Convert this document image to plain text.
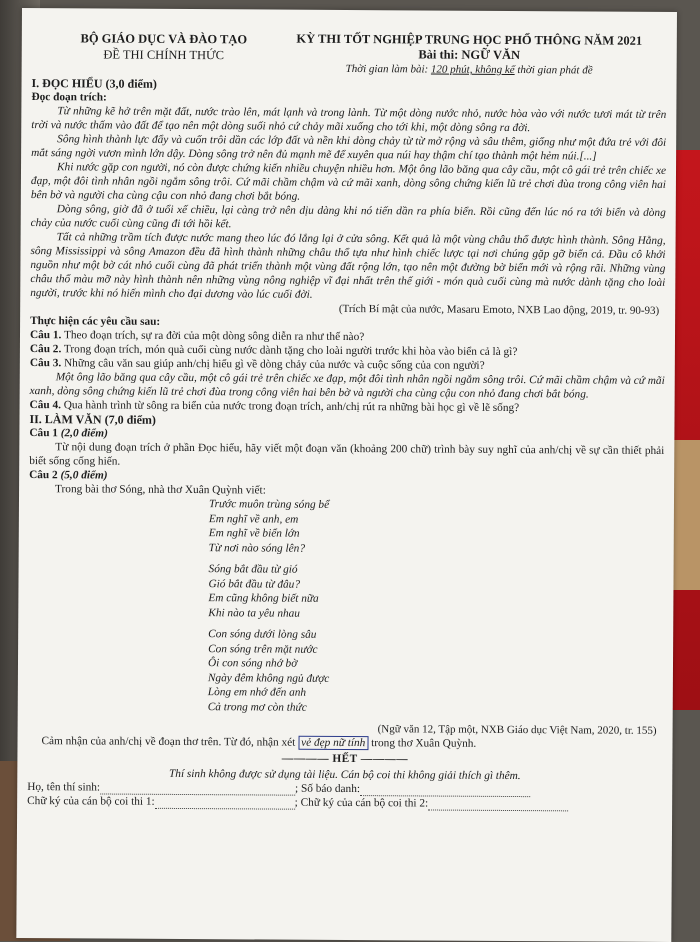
BỘ GIÁO DỤC VÀ ĐÀO TẠO
ĐỀ THI CHÍNH THỨC
KỲ THI TỐT NGHIỆP TRUNG HỌC PHỔ THÔNG NĂM 2021
Bài thi: NGỮ VĂN
Thời gian làm bài: 120 phút, không kể thời gian phát đề

I. ĐỌC HIỂU (3,0 điểm)

Đọc đoạn trích:

Từ những kẽ hở trên mặt đất, nước trào lên, mát lạnh và trong lành. Từ một dòng nước nhỏ, nước hòa vào với nước tươi mát từ trên trời và nước thấm vào đất để tạo nên một dòng suối nhỏ cứ chảy mãi xuống cho tới khi, một dòng sông ra đời.

Sông hình thành lực đẩy và cuốn trôi dần các lớp đất và nền khi dòng chảy từ từ mở rộng và sâu thêm, giống như một đứa trẻ với đôi mắt sáng ngời vươn mình lớn dậy. Dòng sông trở nên đủ mạnh mẽ để xuyên qua núi hay thậm chí tạo thành một hẻm núi.[...]

Khi nước gặp con người, nó còn được chứng kiến nhiều chuyện nhiều hơn. Một ông lão băng qua cây cầu, một cô gái trẻ trên chiếc xe đạp, một đôi tình nhân ngồi ngắm sông trôi. Cứ mãi chầm chậm và cứ mãi xanh, dòng sông chứng kiến lũ trẻ chơi đùa trong công viên hai bên bờ và người cha cùng cậu con nhỏ đang chơi bắt bóng.

Dòng sông, giờ đã ở tuổi xế chiều, lại càng trở nên dịu dàng khi nó tiến dần ra phía biển. Rồi cũng đến lúc nó ra tới biển và dòng chảy của nước cuối cùng cũng đi tới hồi kết.

Tất cả những trầm tích được nước mang theo lúc đó lắng lại ở cửa sông. Kết quả là một vùng châu thổ được hình thành. Sông Hằng, sông Mississippi và sông Amazon đều đã hình thành những châu thổ tựa như hình chiếc lược tại nơi chúng gặp gỡ biển cả. Đầu cô khởi nguồn như một bờ cát nhỏ cuối cùng đã phát triển thành một vùng đất rộng lớn, tạo nên một đường bờ biển mới và rộng rãi. Những vùng châu thổ màu mỡ này hình thành nên những vùng nông nghiệp vĩ đại nhất trên thế giới - món quà cuối cùng mà nước dành tặng cho loài người, trước khi nó hiến mình cho đại dương vào lúc cuối đời.

(Trích Bí mật của nước, Masaru Emoto, NXB Lao động, 2019, tr. 90-93)

Thực hiện các yêu cầu sau:

Câu 1. Theo đoạn trích, sự ra đời của một dòng sông diễn ra như thế nào?

Câu 2. Trong đoạn trích, món quà cuối cùng nước dành tặng cho loài người trước khi hòa vào biển cả là gì?

Câu 3. Những câu văn sau giúp anh/chị hiểu gì về dòng chảy của nước và cuộc sống của con người?

Một ông lão băng qua cây cầu, một cô gái trẻ trên chiếc xe đạp, một đôi tình nhân ngồi ngắm sông trôi. Cứ mãi chầm chậm và cứ mãi xanh, dòng sông chứng kiến lũ trẻ chơi đùa trong công viên hai bên bờ và người cha cùng cậu con nhỏ đang chơi bắt bóng.

Câu 4. Qua hành trình từ sông ra biển của nước trong đoạn trích, anh/chị rút ra những bài học gì về lẽ sống?

II. LÀM VĂN (7,0 điểm)

Câu 1 (2,0 điểm)

Từ nội dung đoạn trích ở phần Đọc hiểu, hãy viết một đoạn văn (khoảng 200 chữ) trình bày suy nghĩ của anh/chị về sự cần thiết phải biết sống cống hiến.

Câu 2 (5,0 điểm)

Trong bài thơ Sóng, nhà thơ Xuân Quỳnh viết:

Trước muôn trùng sóng bể
Em nghĩ về anh, em
Em nghĩ về biển lớn
Từ nơi nào sóng lên?
Sóng bắt đầu từ gió
Gió bắt đầu từ đâu?
Em cũng không biết nữa
Khi nào ta yêu nhau
Con sóng dưới lòng sâu
Con sóng trên mặt nước
Ôi con sóng nhớ bờ
Ngày đêm không ngủ được
Lòng em nhớ đến anh
Cả trong mơ còn thức

(Ngữ văn 12, Tập một, NXB Giáo dục Việt Nam, 2020, tr. 155)

Cảm nhận của anh/chị về đoạn thơ trên. Từ đó, nhận xét vẻ đẹp nữ tính trong thơ Xuân Quỳnh.

———— HẾT ————

Thí sinh không được sử dụng tài liệu. Cán bộ coi thi không giải thích gì thêm.

Họ, tên thí sinh:	; Số báo danh:

Chữ ký của cán bộ coi thi 1:	; Chữ ký của cán bộ coi thi 2:
